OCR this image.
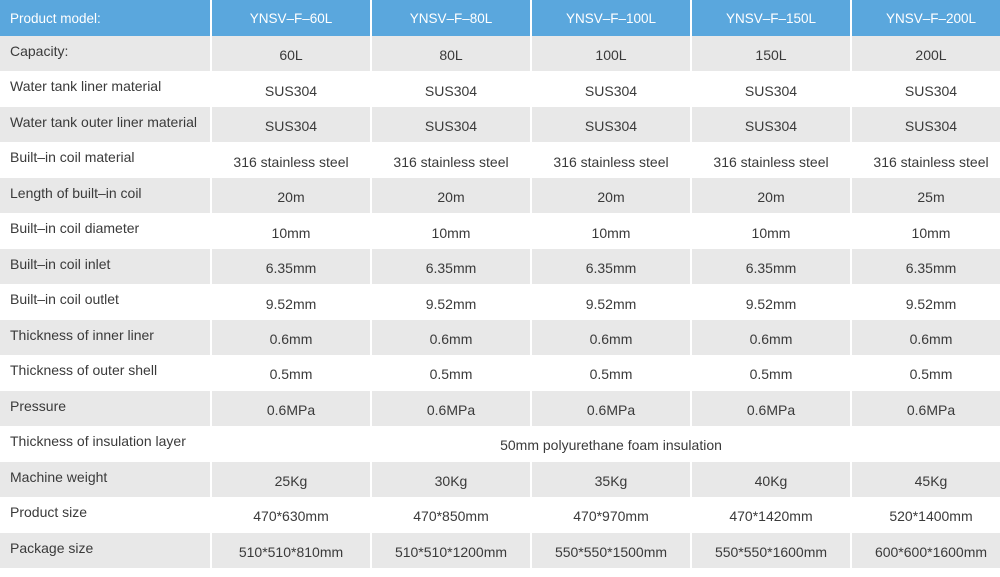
Product model:	YNSV–F–60L	YNSV–F–80L	YNSV–F–100L	YNSV–F–150L	YNSV–F–200L
Capacity:	60L	80L	100L	150L	200L
Water tank liner material	SUS304	SUS304	SUS304	SUS304	SUS304
Water tank outer liner material	SUS304	SUS304	SUS304	SUS304	SUS304
Built–in coil material	316 stainless steel	316 stainless steel	316 stainless steel	316 stainless steel	316 stainless steel
Length of built–in coil	20m	20m	20m	20m	25m
Built–in coil diameter	10mm	10mm	10mm	10mm	10mm
Built–in coil inlet	6.35mm	6.35mm	6.35mm	6.35mm	6.35mm
Built–in coil outlet	9.52mm	9.52mm	9.52mm	9.52mm	9.52mm
Thickness of inner liner	0.6mm	0.6mm	0.6mm	0.6mm	0.6mm
Thickness of outer shell	0.5mm	0.5mm	0.5mm	0.5mm	0.5mm
Pressure	0.6MPa	0.6MPa	0.6MPa	0.6MPa	0.6MPa
Thickness of insulation layer	50mm polyurethane foam insulation				
Machine weight	25Kg	30Kg	35Kg	40Kg	45Kg
Product size	470*630mm	470*850mm	470*970mm	470*1420mm	520*1400mm
Package size	510*510*810mm	510*510*1200mm	550*550*1500mm	550*550*1600mm	600*600*1600mm
